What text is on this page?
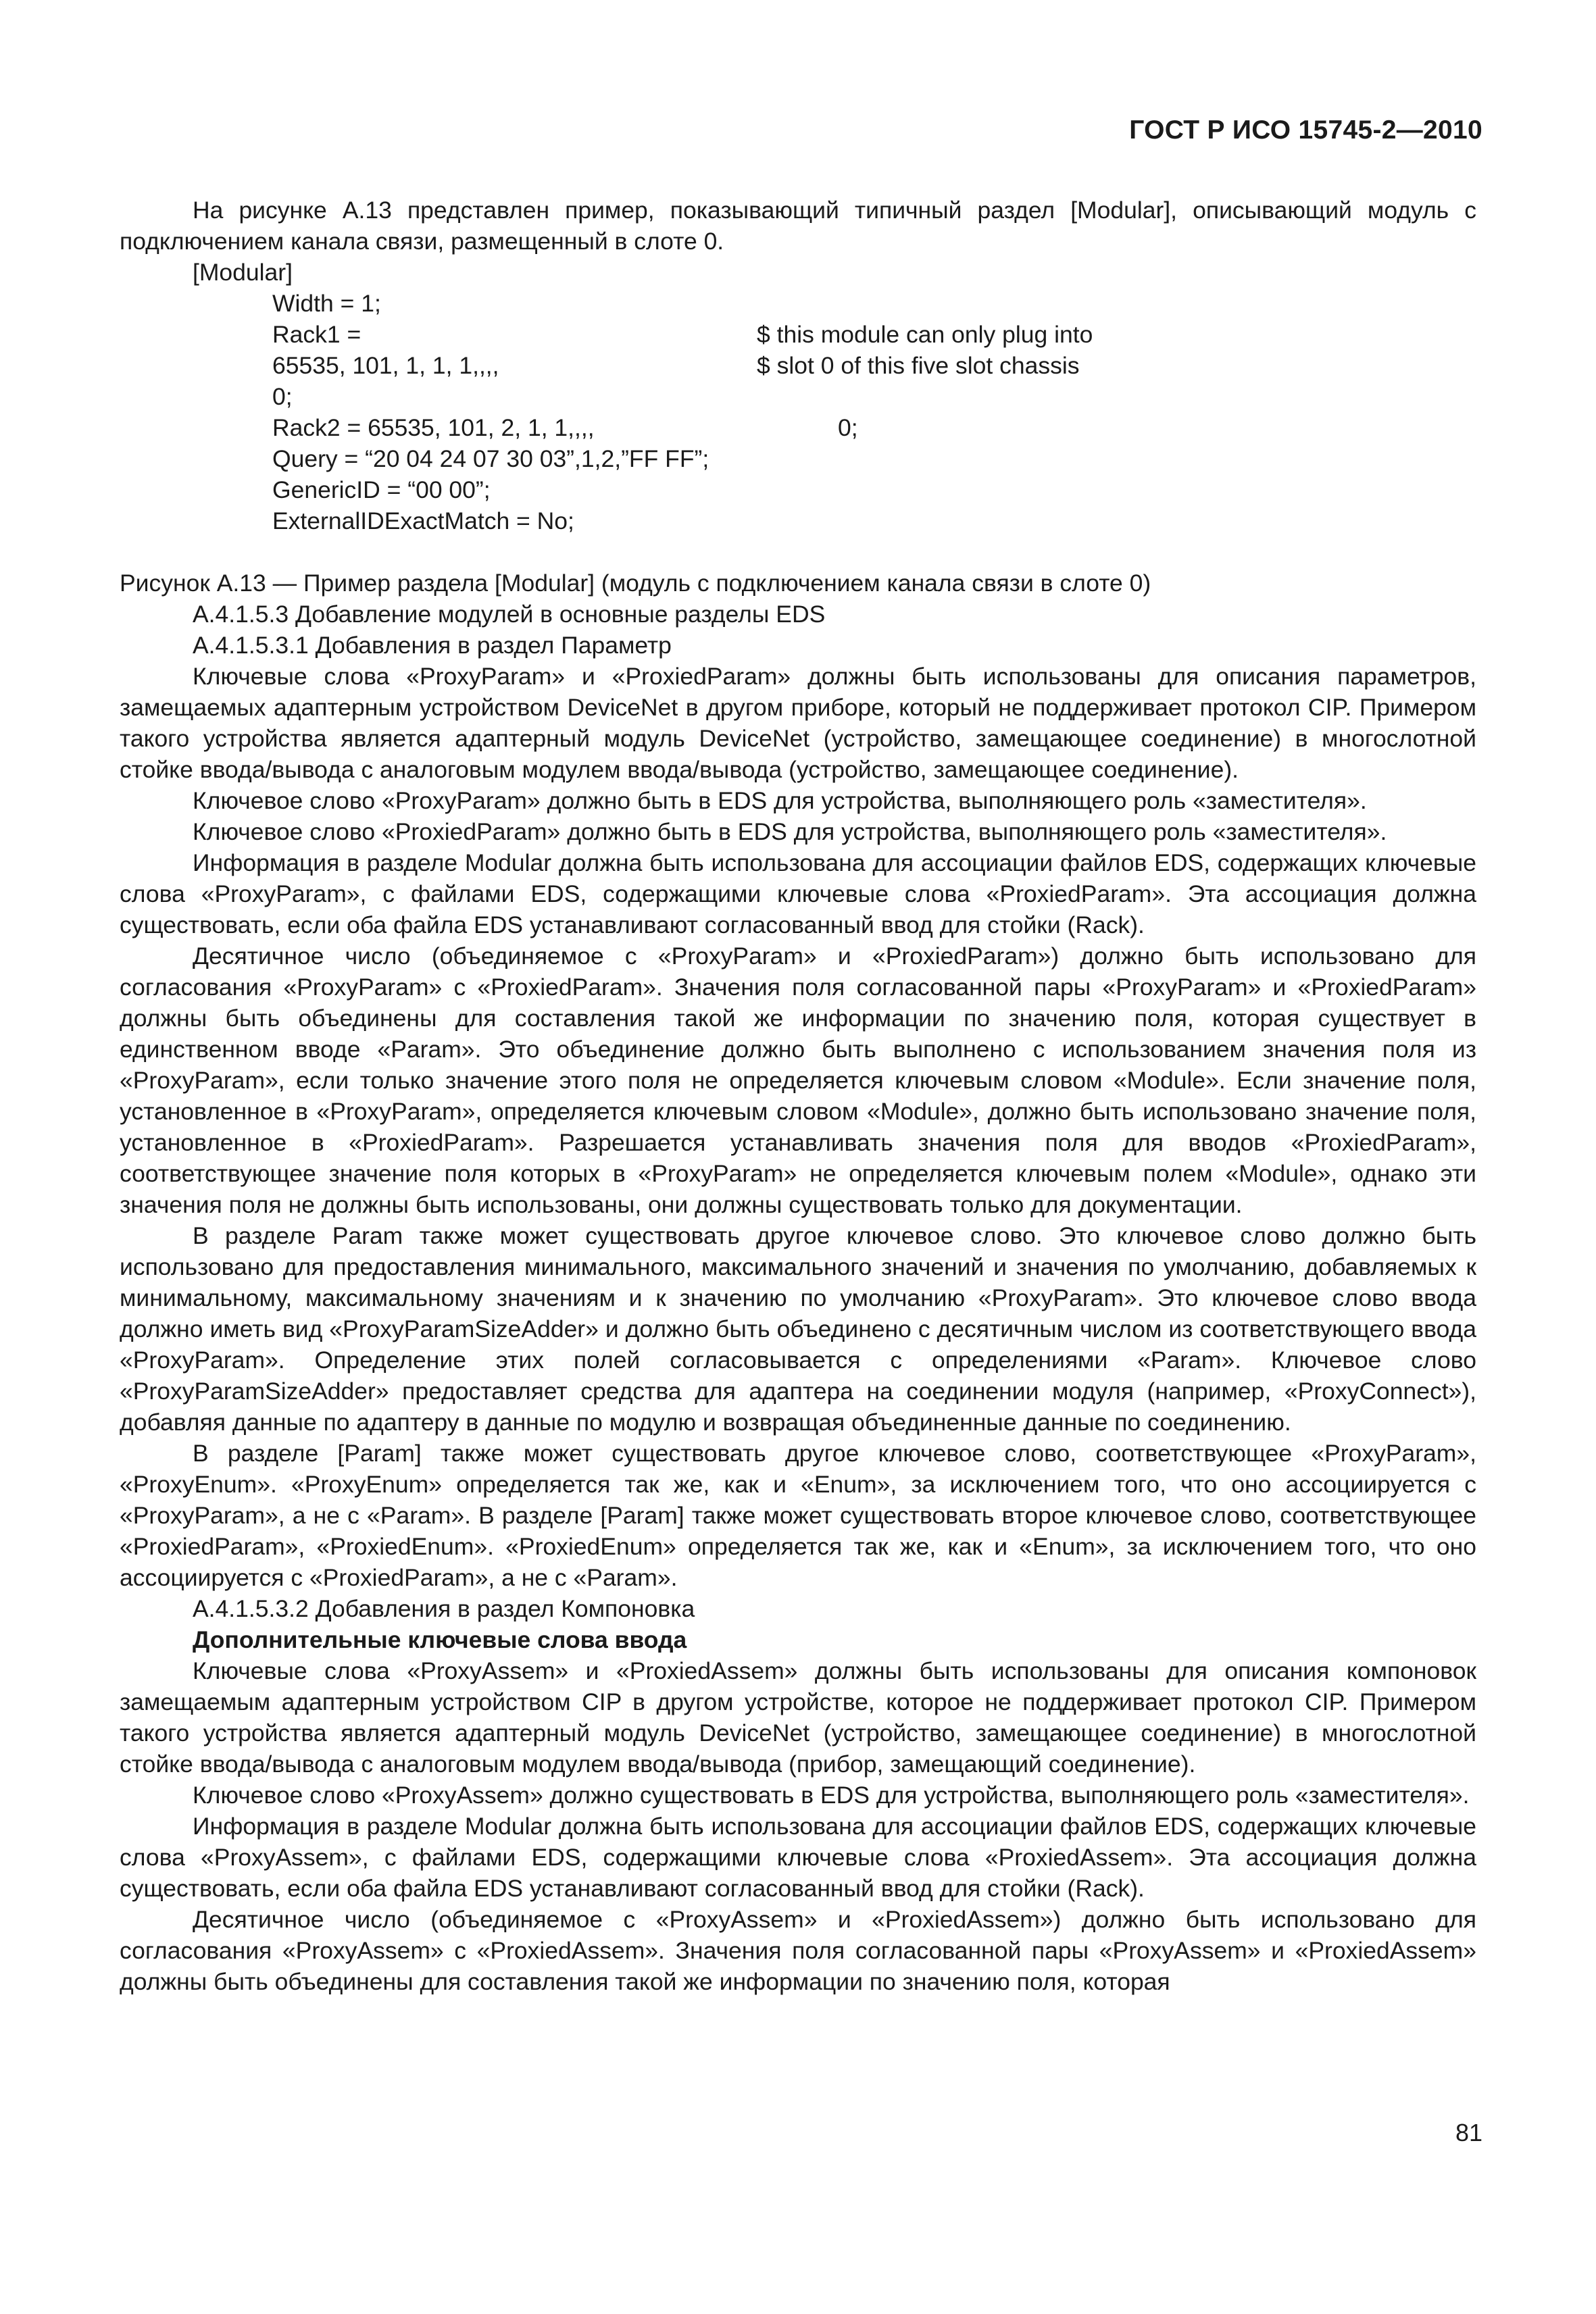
ГОСТ Р ИСО 15745-2—2010

На рисунке А.13 представлен пример, показывающий типичный раздел [Modular], описывающий модуль с подключением канала связи, размещенный в слоте 0.

[Modular]
Width = 1;
Rack1 =	$ this module can only plug into
65535, 101, 1, 1, 1,,,,	$ slot 0 of this five slot chassis
0;
Rack2 = 65535, 101, 2, 1, 1,,,,	0;
Query = “20 04 24 07 30 03”,1,2,”FF FF”;
GenericID = “00 00”;
ExternalIDExactMatch = No;

Рисунок А.13 — Пример раздела [Modular] (модуль с подключением канала связи в слоте 0)

А.4.1.5.3 Добавление модулей в основные разделы EDS

А.4.1.5.3.1 Добавления в раздел Параметр

Ключевые слова «ProxyParam» и «ProxiedParam» должны быть использованы для описания параметров, замещаемых адаптерным устройством DeviceNet в другом приборе, который не поддерживает протокол CIP. Примером такого устройства является адаптерный модуль DeviceNet (устройство, замещающее соединение) в многослотной стойке ввода/вывода с аналоговым модулем ввода/вывода (устройство, замещающее соединение).

Ключевое слово «ProxyParam» должно быть в EDS для устройства, выполняющего роль «заместителя».

Ключевое слово «ProxiedParam» должно быть в EDS для устройства, выполняющего роль «заместителя».

Информация в разделе Modular должна быть использована для ассоциации файлов EDS, содержащих ключевые слова «ProxyParam», с файлами EDS, содержащими ключевые слова «ProxiedParam». Эта ассоциация должна существовать, если оба файла EDS устанавливают согласованный ввод для стойки (Rack).

Десятичное число (объединяемое с «ProxyParam» и «ProxiedParam») должно быть использовано для согласования «ProxyParam» с «ProxiedParam». Значения поля согласованной пары «ProxyParam» и «ProxiedParam» должны быть объединены для составления такой же информации по значению поля, которая существует в единственном вводе «Param». Это объединение должно быть выполнено с использованием значения поля из «ProxyParam», если только значение этого поля не определяется ключевым словом «Module». Если значение поля, установленное в «ProxyParam», определяется ключевым словом «Module», должно быть использовано значение поля, установленное в «ProxiedParam». Разрешается устанавливать значения поля для вводов «ProxiedParam», соответствующее значение поля которых в «ProxyParam» не определяется ключевым полем «Module», однако эти значения поля не должны быть использованы, они должны существовать только для документации.

В разделе Param также может существовать другое ключевое слово. Это ключевое слово должно быть использовано для предоставления минимального, максимального значений и значения по умолчанию, добавляемых к минимальному, максимальному значениям и к значению по умолчанию «ProxyParam». Это ключевое слово ввода должно иметь вид «ProxyParamSizeAdder» и должно быть объединено с десятичным числом из соответствующего ввода «ProxyParam». Определение этих полей согласовывается с определениями «Param». Ключевое слово «ProxyParamSizeAdder» предоставляет средства для адаптера на соединении модуля (например, «ProxyConnect»), добавляя данные по адаптеру в данные по модулю и возвращая объединенные данные по соединению.

В разделе [Param] также может существовать другое ключевое слово, соответствующее «ProxyParam», «ProxyEnum». «ProxyEnum» определяется так же, как и «Enum», за исключением того, что оно ассоциируется с «ProxyParam», а не с «Param». В разделе [Param] также может существовать второе ключевое слово, соответствующее «ProxiedParam», «ProxiedEnum». «ProxiedEnum» определяется так же, как и «Enum», за исключением того, что оно ассоциируется с «ProxiedParam», а не с «Param».

А.4.1.5.3.2 Добавления в раздел Компоновка

Дополнительные ключевые слова ввода

Ключевые слова «ProxyAssem» и «ProxiedAssem» должны быть использованы для описания компоновок замещаемым адаптерным устройством CIP в другом устройстве, которое не поддерживает протокол CIP. Примером такого устройства является адаптерный модуль DeviceNet (устройство, замещающее соединение) в многослотной стойке ввода/вывода с аналоговым модулем ввода/вывода (прибор, замещающий соединение).

Ключевое слово «ProxyAssem» должно существовать в EDS для устройства, выполняющего роль «заместителя».

Информация в разделе Modular должна быть использована для ассоциации файлов EDS, содержащих ключевые слова «ProxyAssem», с файлами EDS, содержащими ключевые слова «ProxiedAssem». Эта ассоциация должна существовать, если оба файла EDS устанавливают согласованный ввод для стойки (Rack).

Десятичное число (объединяемое с «ProxyAssem» и «ProxiedAssem») должно быть использовано для согласования «ProxyAssem» с «ProxiedAssem». Значения поля согласованной пары «ProxyAssem» и «ProxiedAssem» должны быть объединены для составления такой же информации по значению поля, которая

81
